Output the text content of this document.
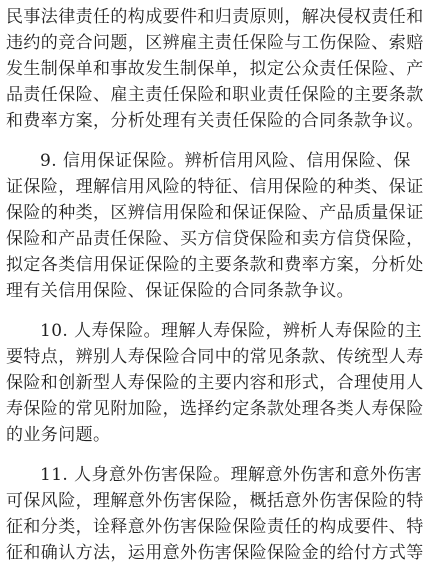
民事法律责任的构成要件和归责原则，解决侵权责任和
违约的竞合问题，区辨雇主责任保险与工伤保险、索赔
发生制保单和事故发生制保单，拟定公众责任保险、产
品责任保险、雇主责任保险和职业责任保险的主要条款
和费率方案，分析处理有关责任保险的合同条款争议。
9. 信用保证保险。辨析信用风险、信用保险、保
证保险，理解信用风险的特征、信用保险的种类、保证
保险的种类，区辨信用保险和保证保险、产品质量保证
保险和产品责任保险、买方信贷保险和卖方信贷保险，
拟定各类信用保证保险的主要条款和费率方案，分析处
理有关信用保险、保证保险的合同条款争议。
10. 人寿保险。理解人寿保险，辨析人寿保险的主
要特点，辨别人寿保险合同中的常见条款、传统型人寿
保险和创新型人寿保险的主要内容和形式，合理使用人
寿保险的常见附加险，选择约定条款处理各类人寿保险
的业务问题。
11. 人身意外伤害保险。理解意外伤害和意外伤害
可保风险，理解意外伤害保险，概括意外伤害保险的特
征和分类，诠释意外伤害保险保险责任的构成要件、特
征和确认方法，运用意外伤害保险保险金的给付方式等
